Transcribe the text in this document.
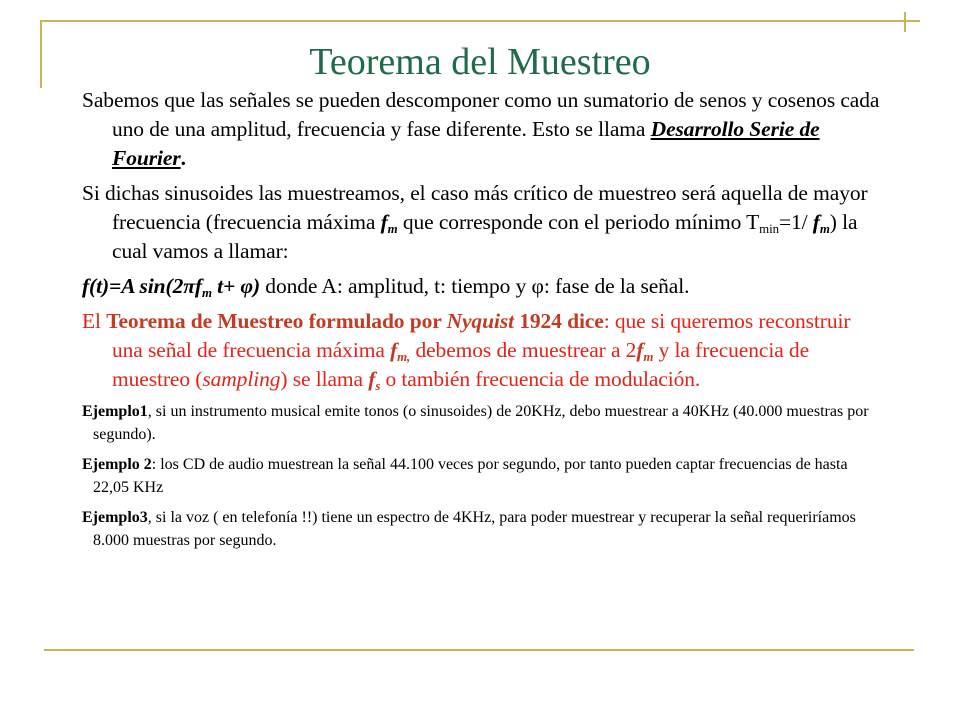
Teorema del Muestreo

Sabemos que las señales se pueden descomponer como un sumatorio de senos y cosenos cada uno de una amplitud, frecuencia y fase diferente. Esto se llama Desarrollo Serie de Fourier.

Si dichas sinusoides las muestreamos, el caso más crítico de muestreo será aquella de mayor frecuencia (frecuencia máxima $f_m$ que corresponde con el periodo mínimo $T_{min}=1/$ $f_m$) la cual vamos a llamar:

f(t)=A $\sin(2\pi f_m$ t+ φ) donde A: amplitud, t: tiempo y φ: fase de la señal.

El Teorema de Muestreo formulado por Nyquist 1924 dice: que si queremos reconstruir una señal de frecuencia máxima $f_{m,}$ debemos de muestrear a $2f_m$ y la frecuencia de muestreo (sampling) se llama $f_s$ o también frecuencia de modulación.

Ejemplo1, si un instrumento musical emite tonos (o sinusoides) de 20KHz, debo muestrear a 40KHz (40.000 muestras por segundo).

Ejemplo 2: los CD de audio muestrean la señal 44.100 veces por segundo, por tanto pueden captar frecuencias de hasta 22,05 KHz

Ejemplo3, si la voz ( en telefonía !!) tiene un espectro de 4KHz, para poder muestrear y recuperar la señal requeriríamos 8.000 muestras por segundo.
